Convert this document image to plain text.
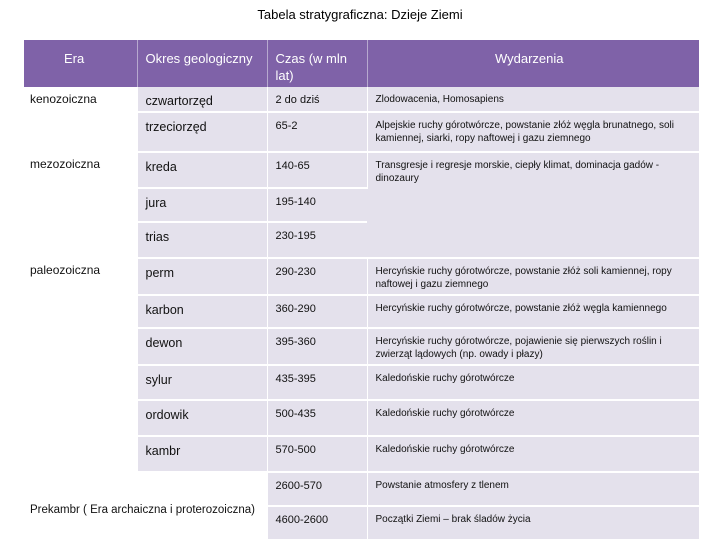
Tabela stratygraficzna: Dzieje Ziemi
Era	Okres geologiczny	Czas (w mln lat)	Wydarzenia
kenozoiczna	czwartorzęd	2 do dziś	Zlodowacenia, Homosapiens
	trzeciorzęd	65-2	Alpejskie ruchy górotwórcze, powstanie złóż węgla brunatnego, soli kamiennej, siarki, ropy naftowej i gazu ziemnego
mezozoiczna	kreda	140-65	Transgresje i regresje morskie, ciepły klimat, dominacja gadów - dinozaury
	jura	195-140	
	trias	230-195	
paleozoiczna	perm	290-230	Hercyńskie ruchy górotwórcze, powstanie złóż soli kamiennej, ropy naftowej i gazu ziemnego
	karbon	360-290	Hercyńskie ruchy górotwórcze, powstanie złóż węgla kamiennego
	dewon	395-360	Hercyńskie ruchy górotwórcze, pojawienie się pierwszych roślin i zwierząt lądowych (np. owady i płazy)
	sylur	435-395	Kaledońskie ruchy górotwórcze
	ordowik	500-435	Kaledońskie ruchy górotwórcze
	kambr	570-500	Kaledońskie ruchy górotwórcze
Prekambr ( Era archaiczna i proterozoiczna)		2600-570	Powstanie atmosfery z tlenem
		4600-2600	Początki Ziemi – brak śladów życia
